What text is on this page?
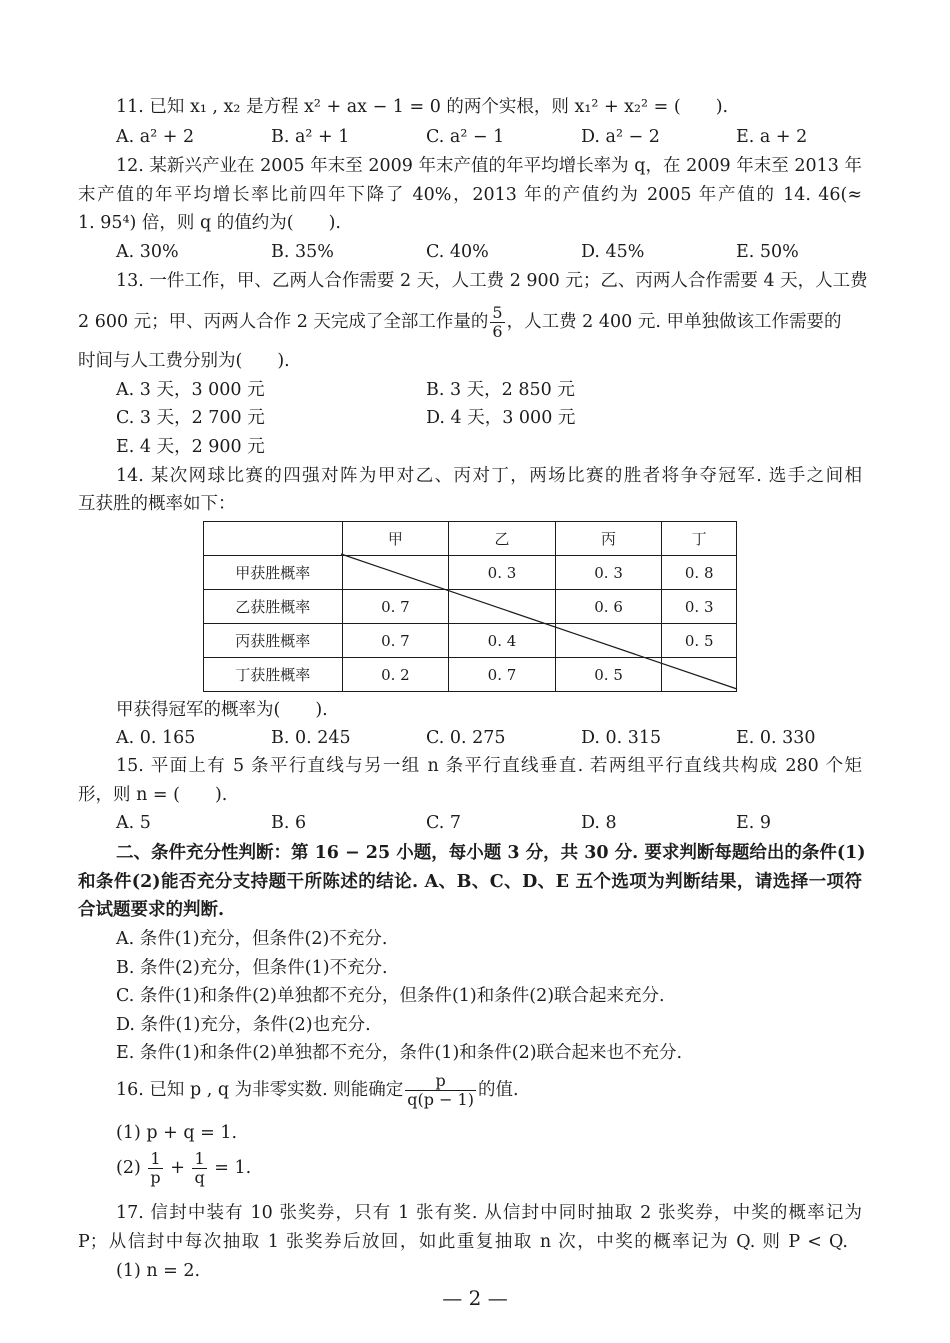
11. 已知 x₁ , x₂ 是方程 x² + ax − 1 = 0 的两个实根，则 x₁² + x₂² = (　　).
A. a² + 2	B. a² + 1	C. a² − 1	D. a² − 2	E. a + 2
12. 某新兴产业在 2005 年末至 2009 年末产值的年平均增长率为 q，在 2009 年末至 2013 年
末产值的年平均增长率比前四年下降了 40%，2013 年的产值约为 2005 年产值的 14. 46(≈
1. 95⁴) 倍，则 q 的值约为(　　).
A. 30%	B. 35%	C. 40%	D. 45%	E. 50%
13. 一件工作，甲、乙两人合作需要 2 天，人工费 2 900 元；乙、丙两人合作需要 4 天，人工费
2 600 元；甲、丙两人合作 2 天完成了全部工作量的 $\frac{5}{6}$ ，人工费 2 400 元. 甲单独做该工作需要的
时间与人工费分别为(　　).
A. 3 天，3 000 元	B. 3 天，2 850 元
C. 3 天，2 700 元	D. 4 天，3 000 元
E. 4 天，2 900 元
14. 某次网球比赛的四强对阵为甲对乙、丙对丁，两场比赛的胜者将争夺冠军. 选手之间相
互获胜的概率如下：
	甲	乙	丙	丁
甲获胜概率		0. 3	0. 3	0. 8
乙获胜概率	0. 7		0. 6	0. 3
丙获胜概率	0. 7	0. 4		0. 5
丁获胜概率	0. 2	0. 7	0. 5	
甲获得冠军的概率为(　　).
A. 0. 165	B. 0. 245	C. 0. 275	D. 0. 315	E. 0. 330
15. 平面上有 5 条平行直线与另一组 n 条平行直线垂直. 若两组平行直线共构成 280 个矩
形，则 n = (　　).
A. 5	B. 6	C. 7	D. 8	E. 9
二、条件充分性判断：第 16 − 25 小题，每小题 3 分，共 30 分. 要求判断每题给出的条件(1)
和条件(2)能否充分支持题干所陈述的结论. A、B、C、D、E 五个选项为判断结果，请选择一项符
合试题要求的判断.
A. 条件(1)充分，但条件(2)不充分.
B. 条件(2)充分，但条件(1)不充分.
C. 条件(1)和条件(2)单独都不充分，但条件(1)和条件(2)联合起来充分.
D. 条件(1)充分，条件(2)也充分.
E. 条件(1)和条件(2)单独都不充分，条件(1)和条件(2)联合起来也不充分.
16. 已知 p , q 为非零实数. 则能确定 $\frac{p}{q(p - 1)}$ 的值.
(1) p + q = 1.
$(2) \frac{1}{p} + \frac{1}{q} = 1$.
17. 信封中装有 10 张奖券，只有 1 张有奖. 从信封中同时抽取 2 张奖券，中奖的概率记为
P；从信封中每次抽取 1 张奖券后放回，如此重复抽取 n 次，中奖的概率记为 Q. 则 P < Q.
(1) n = 2.
— 2 —
